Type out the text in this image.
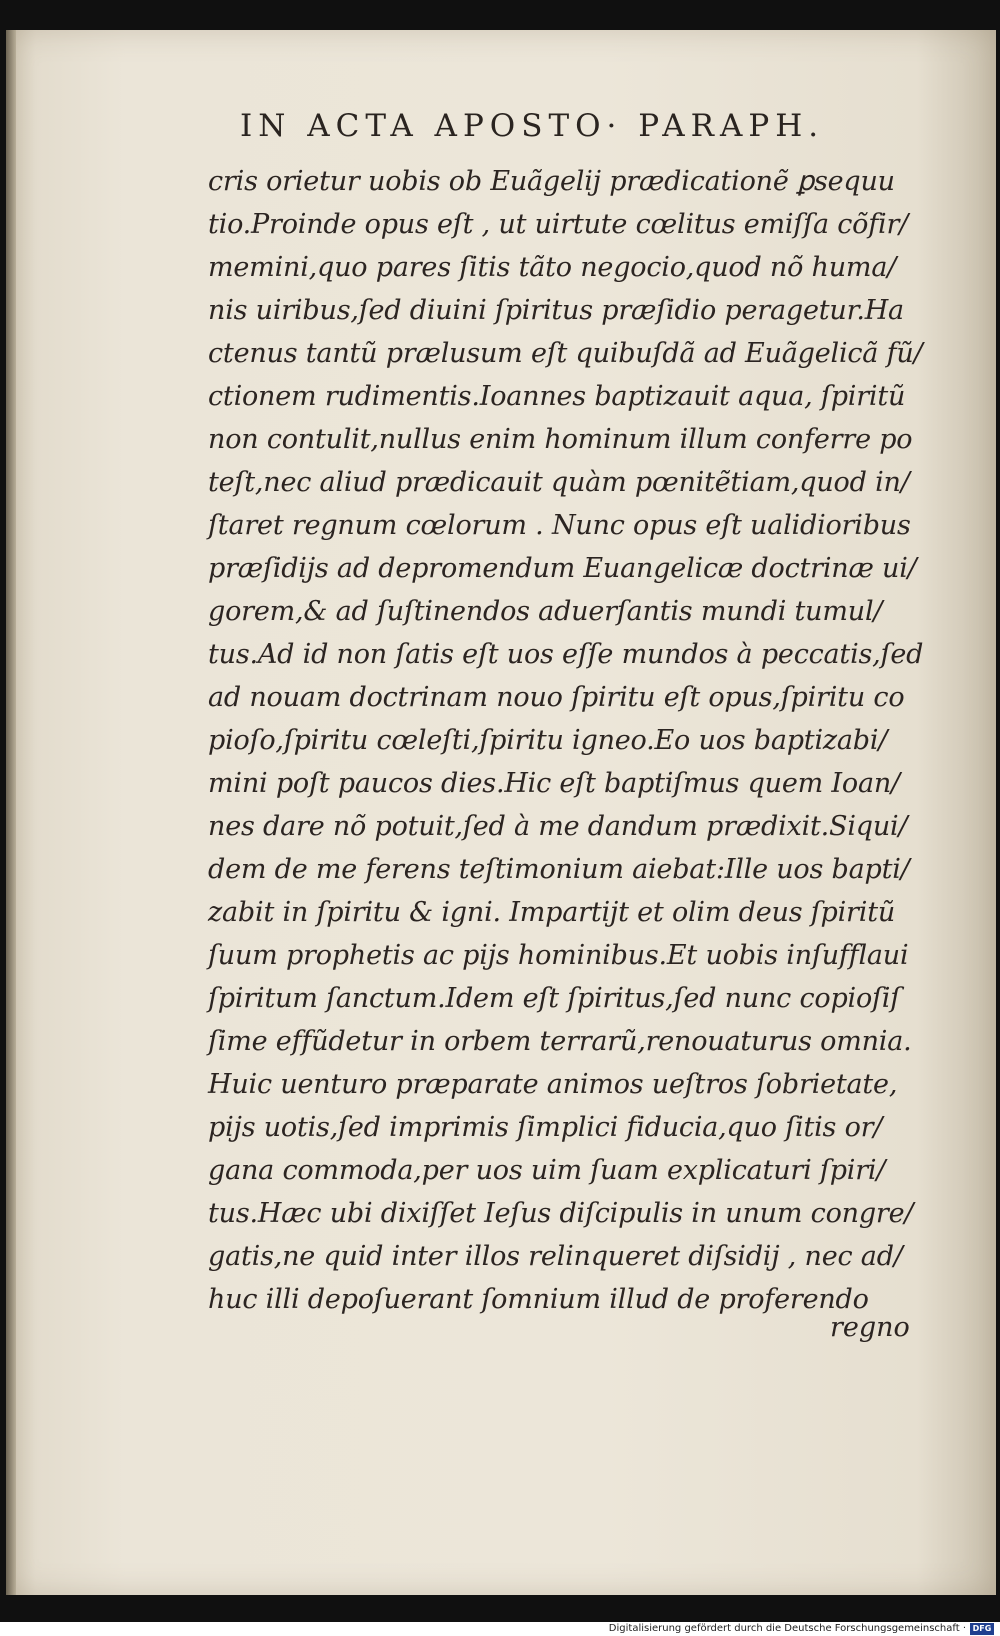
IN ACTA APOSTO· PARAPH.
cris orietur uobis ob Euãgelij prædicationẽ ꝑsequu
tio.Proinde opus eſt , ut uirtute cœlitus emiſſa cõfir/
memini,quo pares ſitis tãto negocio,quod nõ huma/
nis uiribus,ſed diuini ſpiritus præſidio peragetur.Ha
ctenus tantũ prælusum eſt quibuſdã ad Euãgelicã fũ/
ctionem rudimentis.Ioannes baptizauit aqua, ſpiritũ
non contulit,nullus enim hominum illum conferre po
teſt,nec aliud prædicauit quàm pœnitẽtiam,quod in/
ſtaret regnum cœlorum . Nunc opus eſt ualidioribus
præſidijs ad depromendum Euangelicæ doctrinæ ui/
gorem,& ad ſuſtinendos aduerſantis mundi tumul/
tus.Ad id non ſatis eſt uos eſſe mundos à peccatis,ſed
ad nouam doctrinam nouo ſpiritu eſt opus,ſpiritu co
pioſo,ſpiritu cœleſti,ſpiritu igneo.Eo uos baptizabi/
mini poſt paucos dies.Hic eſt baptiſmus quem Ioan/
nes dare nõ potuit,ſed à me dandum prædixit.Siqui/
dem de me ferens teſtimonium aiebat:Ille uos bapti/
zabit in ſpiritu & igni. Impartijt et olim deus ſpiritũ
ſuum prophetis ac pijs hominibus.Et uobis inſufflaui
ſpiritum ſanctum.Idem eſt ſpiritus,ſed nunc copioſiſ
ſime effũdetur in orbem terrarũ,renouaturus omnia.
Huic uenturo præparate animos ueſtros ſobrietate,
pijs uotis,ſed imprimis ſimplici fiducia,quo ſitis or/
gana commoda,per uos uim ſuam explicaturi ſpiri/
tus.Hæc ubi dixiſſet Ieſus diſcipulis in unum congre/
gatis,ne quid inter illos relinqueret diſsidij , nec ad/
huc illi depoſuerant ſomnium illud de proferendo
regno
Digitalisierung gefördert durch die Deutsche Forschungsgemeinschaft · DFG
